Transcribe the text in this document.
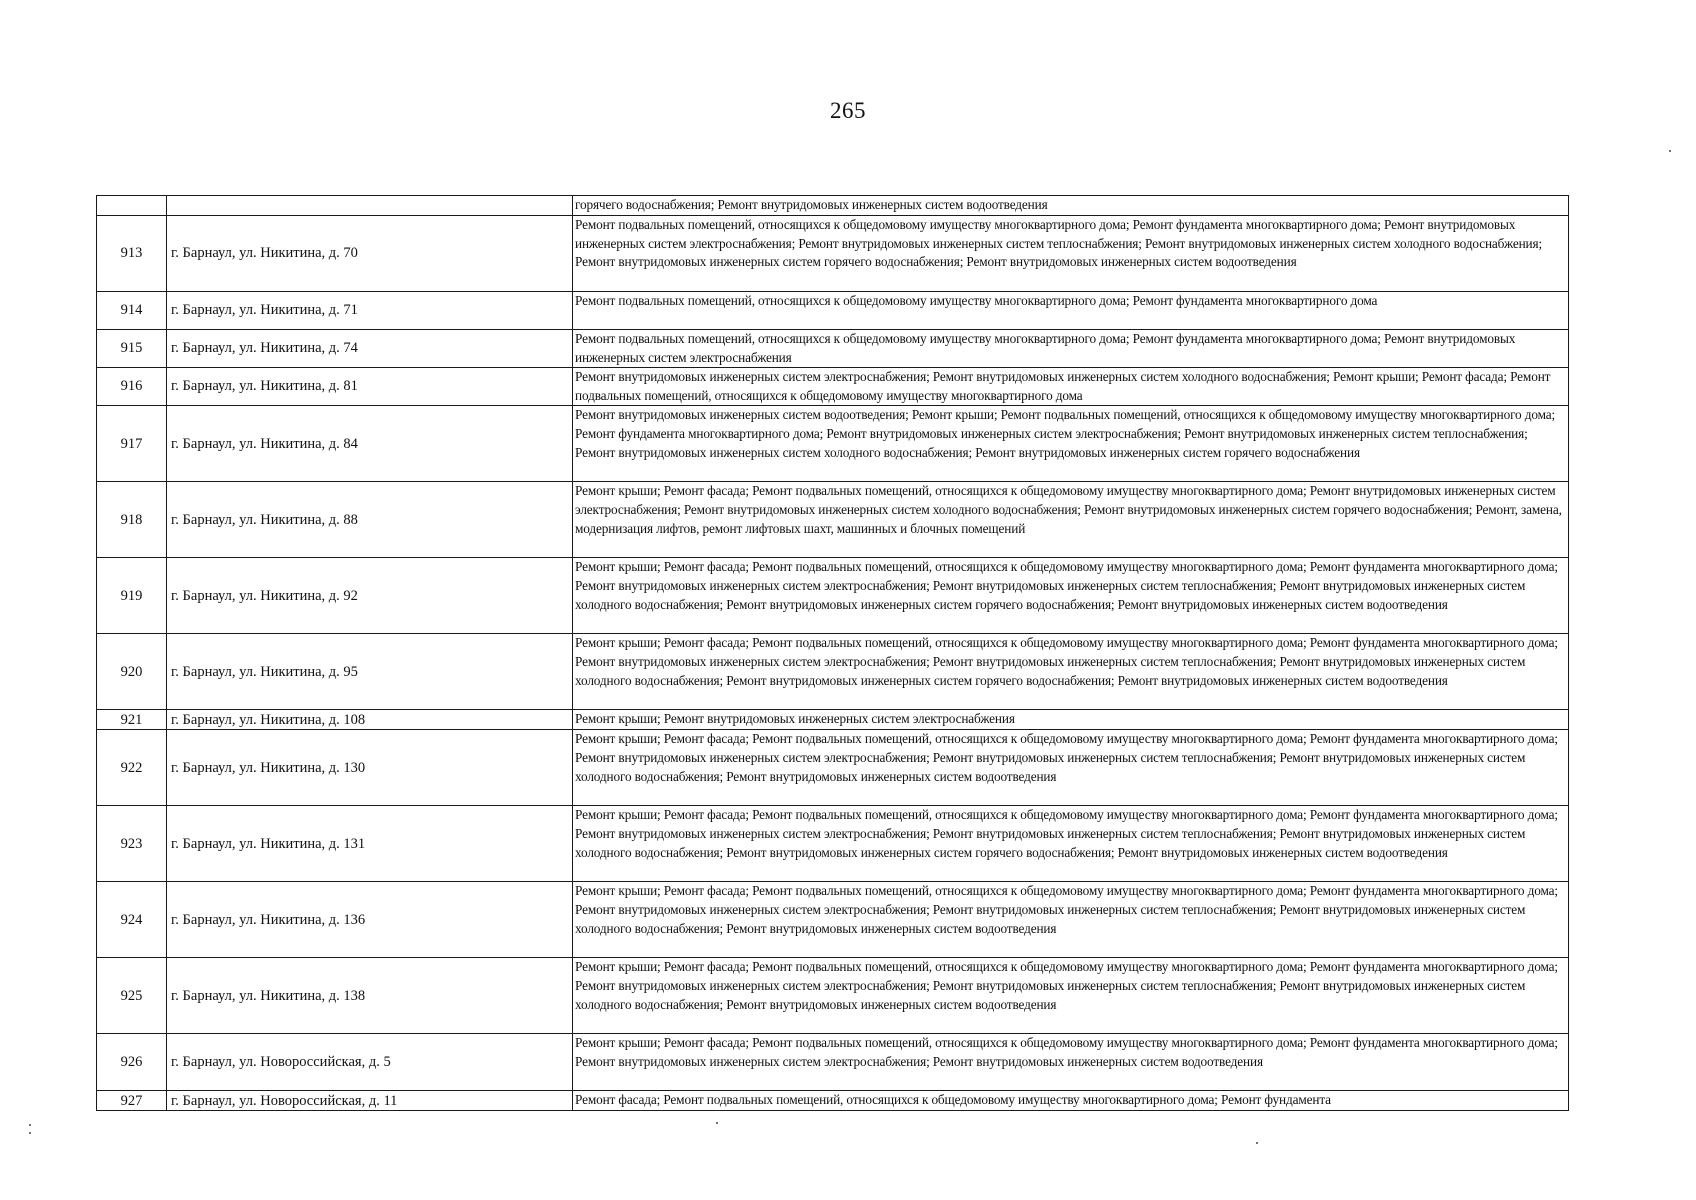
265
		горячего водоснабжения; Ремонт внутридомовых инженерных систем водоотведения
913	г. Барнаул, ул. Никитина, д. 70	Ремонт подвальных помещений, относящихся к общедомовому имуществу многоквартирного дома; Ремонт фундамента многоквартирного дома; Ремонт внутридомовых инженерных систем электроснабжения; Ремонт внутридомовых инженерных систем теплоснабжения; Ремонт внутридомовых инженерных систем холодного водоснабжения; Ремонт внутридомовых инженерных систем горячего водоснабжения; Ремонт внутридомовых инженерных систем водоотведения
914	г. Барнаул, ул. Никитина, д. 71	Ремонт подвальных помещений, относящихся к общедомовому имуществу многоквартирного дома; Ремонт фундамента многоквартирного дома
915	г. Барнаул, ул. Никитина, д. 74	Ремонт подвальных помещений, относящихся к общедомовому имуществу многоквартирного дома; Ремонт фундамента многоквартирного дома; Ремонт внутридомовых инженерных систем электроснабжения
916	г. Барнаул, ул. Никитина, д. 81	Ремонт внутридомовых инженерных систем электроснабжения; Ремонт внутридомовых инженерных систем холодного водоснабжения; Ремонт крыши; Ремонт фасада; Ремонт подвальных помещений, относящихся к общедомовому имуществу многоквартирного дома
917	г. Барнаул, ул. Никитина, д. 84	Ремонт внутридомовых инженерных систем водоотведения; Ремонт крыши; Ремонт подвальных помещений, относящихся к общедомовому имуществу многоквартирного дома; Ремонт фундамента многоквартирного дома; Ремонт внутридомовых инженерных систем электроснабжения; Ремонт внутридомовых инженерных систем теплоснабжения; Ремонт внутридомовых инженерных систем холодного водоснабжения; Ремонт внутридомовых инженерных систем горячего водоснабжения
918	г. Барнаул, ул. Никитина, д. 88	Ремонт крыши; Ремонт фасада; Ремонт подвальных помещений, относящихся к общедомовому имуществу многоквартирного дома; Ремонт внутридомовых инженерных систем электроснабжения; Ремонт внутридомовых инженерных систем холодного водоснабжения; Ремонт внутридомовых инженерных систем горячего водоснабжения; Ремонт, замена, модернизация лифтов, ремонт лифтовых шахт, машинных и блочных помещений
919	г. Барнаул, ул. Никитина, д. 92	Ремонт крыши; Ремонт фасада; Ремонт подвальных помещений, относящихся к общедомовому имуществу многоквартирного дома; Ремонт фундамента многоквартирного дома; Ремонт внутридомовых инженерных систем электроснабжения; Ремонт внутридомовых инженерных систем теплоснабжения; Ремонт внутридомовых инженерных систем холодного водоснабжения; Ремонт внутридомовых инженерных систем горячего водоснабжения; Ремонт внутридомовых инженерных систем водоотведения
920	г. Барнаул, ул. Никитина, д. 95	Ремонт крыши; Ремонт фасада; Ремонт подвальных помещений, относящихся к общедомовому имуществу многоквартирного дома; Ремонт фундамента многоквартирного дома; Ремонт внутридомовых инженерных систем электроснабжения; Ремонт внутридомовых инженерных систем теплоснабжения; Ремонт внутридомовых инженерных систем холодного водоснабжения; Ремонт внутридомовых инженерных систем горячего водоснабжения; Ремонт внутридомовых инженерных систем водоотведения
921	г. Барнаул, ул. Никитина, д. 108	Ремонт крыши; Ремонт внутридомовых инженерных систем электроснабжения
922	г. Барнаул, ул. Никитина, д. 130	Ремонт крыши; Ремонт фасада; Ремонт подвальных помещений, относящихся к общедомовому имуществу многоквартирного дома; Ремонт фундамента многоквартирного дома; Ремонт внутридомовых инженерных систем электроснабжения; Ремонт внутридомовых инженерных систем теплоснабжения; Ремонт внутридомовых инженерных систем холодного водоснабжения; Ремонт внутридомовых инженерных систем водоотведения
923	г. Барнаул, ул. Никитина, д. 131	Ремонт крыши; Ремонт фасада; Ремонт подвальных помещений, относящихся к общедомовому имуществу многоквартирного дома; Ремонт фундамента многоквартирного дома; Ремонт внутридомовых инженерных систем электроснабжения; Ремонт внутридомовых инженерных систем теплоснабжения; Ремонт внутридомовых инженерных систем холодного водоснабжения; Ремонт внутридомовых инженерных систем горячего водоснабжения; Ремонт внутридомовых инженерных систем водоотведения
924	г. Барнаул, ул. Никитина, д. 136	Ремонт крыши; Ремонт фасада; Ремонт подвальных помещений, относящихся к общедомовому имуществу многоквартирного дома; Ремонт фундамента многоквартирного дома; Ремонт внутридомовых инженерных систем электроснабжения; Ремонт внутридомовых инженерных систем теплоснабжения; Ремонт внутридомовых инженерных систем холодного водоснабжения; Ремонт внутридомовых инженерных систем водоотведения
925	г. Барнаул, ул. Никитина, д. 138	Ремонт крыши; Ремонт фасада; Ремонт подвальных помещений, относящихся к общедомовому имуществу многоквартирного дома; Ремонт фундамента многоквартирного дома; Ремонт внутридомовых инженерных систем электроснабжения; Ремонт внутридомовых инженерных систем теплоснабжения; Ремонт внутридомовых инженерных систем холодного водоснабжения; Ремонт внутридомовых инженерных систем водоотведения
926	г. Барнаул, ул. Новороссийская, д. 5	Ремонт крыши; Ремонт фасада; Ремонт подвальных помещений, относящихся к общедомовому имуществу многоквартирного дома; Ремонт фундамента многоквартирного дома; Ремонт внутридомовых инженерных систем электроснабжения; Ремонт внутридомовых инженерных систем водоотведения
927	г. Барнаул, ул. Новороссийская, д. 11	Ремонт фасада; Ремонт подвальных помещений, относящихся к общедомовому имуществу многоквартирного дома; Ремонт фундамента
